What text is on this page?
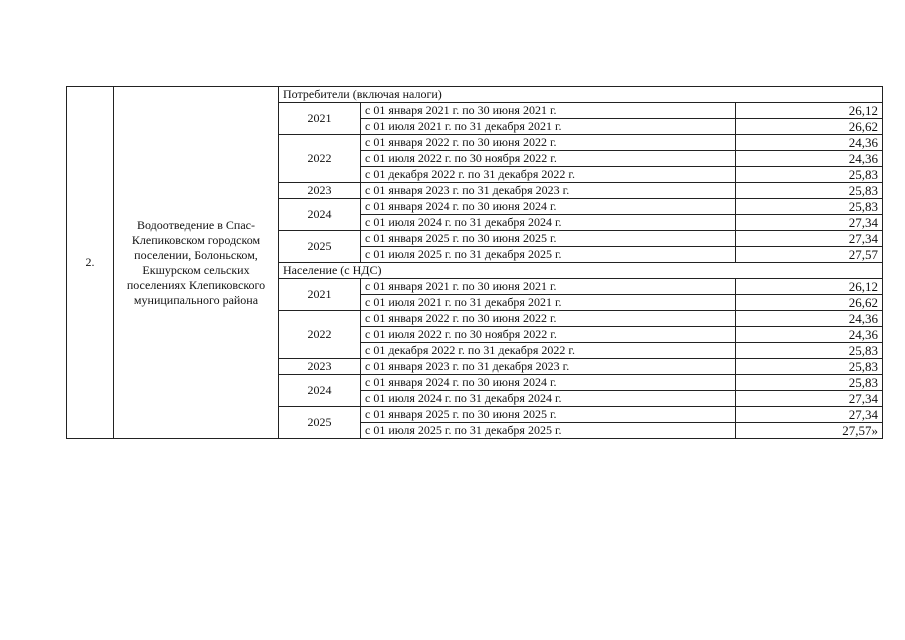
2.	Водоотведение в Спас-Клепиковском городском поселении, Болоньском, Екшурском сельских поселениях Клепиковского муниципального района	Потребители (включая налоги)		
		2021	с 01 января 2021 г. по 30 июня 2021 г.	26,12
			с 01 июля 2021 г. по 31 декабря 2021 г.	26,62
		2022	с 01 января 2022 г. по 30 июня 2022 г.	24,36
			с 01 июля 2022 г. по 30 ноября 2022 г.	24,36
			с 01 декабря 2022 г. по 31 декабря 2022 г.	25,83
		2023	с 01 января 2023 г. по 31 декабря 2023 г.	25,83
		2024	с 01 января 2024 г. по 30 июня 2024 г.	25,83
			с 01 июля 2024 г. по 31 декабря 2024 г.	27,34
		2025	с 01 января 2025 г. по 30 июня 2025 г.	27,34
			с 01 июля 2025 г. по 31 декабря 2025 г.	27,57
		Население (с НДС)		
		2021	с 01 января 2021 г. по 30 июня 2021 г.	26,12
			с 01 июля 2021 г. по 31 декабря 2021 г.	26,62
		2022	с 01 января 2022 г. по 30 июня 2022 г.	24,36
			с 01 июля 2022 г. по 30 ноября 2022 г.	24,36
			с 01 декабря 2022 г. по 31 декабря 2022 г.	25,83
		2023	с 01 января 2023 г. по 31 декабря 2023 г.	25,83
		2024	с 01 января 2024 г. по 30 июня 2024 г.	25,83
			с 01 июля 2024 г. по 31 декабря 2024 г.	27,34
		2025	с 01 января 2025 г. по 30 июня 2025 г.	27,34
			с 01 июля 2025 г. по 31 декабря 2025 г.	27,57»
